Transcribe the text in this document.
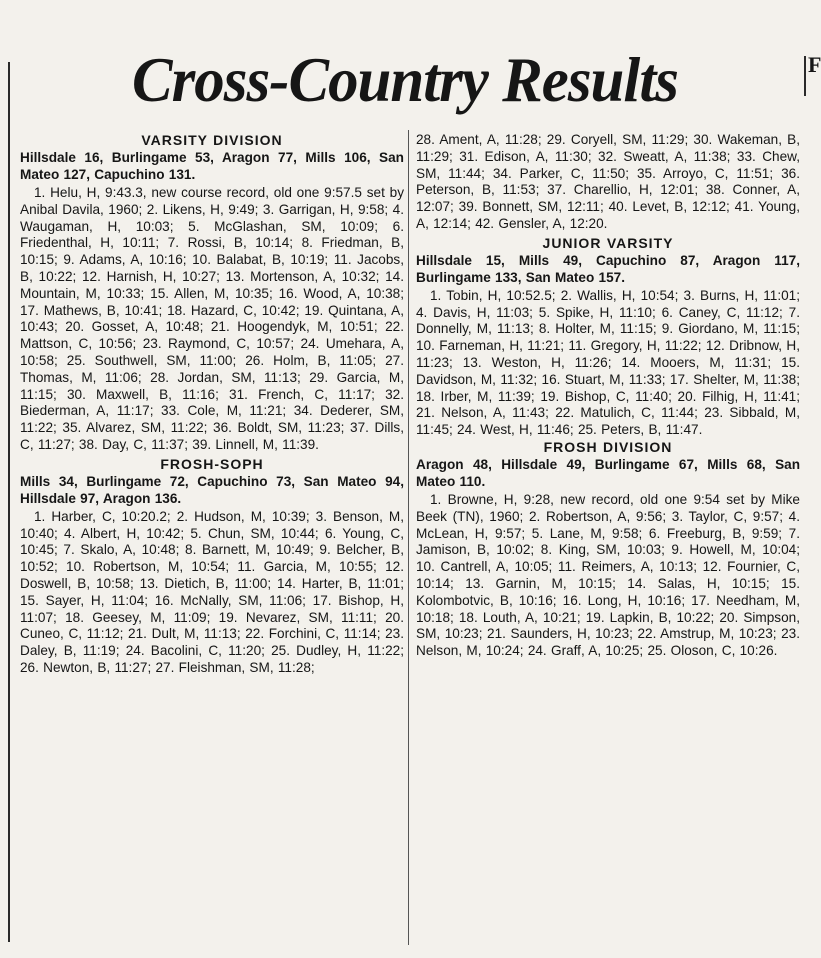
F
Cross-Country Results

VARSITY DIVISION

Hillsdale 16, Burlingame 53, Aragon 77, Mills 106, San Mateo 127, Capuchino 131.

1. Helu, H, 9:43.3, new course record, old one 9:57.5 set by Anibal Davila, 1960; 2. Likens, H, 9:49; 3. Garrigan, H, 9:58; 4. Waugaman, H, 10:03; 5. McGlashan, SM, 10:09; 6. Friedenthal, H, 10:11; 7. Rossi, B, 10:14; 8. Friedman, B, 10:15; 9. Adams, A, 10:16; 10. Balabat, B, 10:19; 11. Jacobs, B, 10:22; 12. Harnish, H, 10:27; 13. Mortenson, A, 10:32; 14. Mountain, M, 10:33; 15. Allen, M, 10:35; 16. Wood, A, 10:38; 17. Mathews, B, 10:41; 18. Hazard, C, 10:42; 19. Quintana, A, 10:43; 20. Gosset, A, 10:48; 21. Hoogendyk, M, 10:51; 22. Mattson, C, 10:56; 23. Raymond, C, 10:57; 24. Umehara, A, 10:58; 25. Southwell, SM, 11:00; 26. Holm, B, 11:05; 27. Thomas, M, 11:06; 28. Jordan, SM, 11:13; 29. Garcia, M, 11:15; 30. Maxwell, B, 11:16; 31. French, C, 11:17; 32. Biederman, A, 11:17; 33. Cole, M, 11:21; 34. Dederer, SM, 11:22; 35. Alvarez, SM, 11:22; 36. Boldt, SM, 11:23; 37. Dills, C, 11:27; 38. Day, C, 11:37; 39. Linnell, M, 11:39.

FROSH-SOPH

Mills 34, Burlingame 72, Capuchino 73, San Mateo 94, Hillsdale 97, Aragon 136.

1. Harber, C, 10:20.2; 2. Hudson, M, 10:39; 3. Benson, M, 10:40; 4. Albert, H, 10:42; 5. Chun, SM, 10:44; 6. Young, C, 10:45; 7. Skalo, A, 10:48; 8. Barnett, M, 10:49; 9. Belcher, B, 10:52; 10. Robertson, M, 10:54; 11. Garcia, M, 10:55; 12. Doswell, B, 10:58; 13. Dietich, B, 11:00; 14. Harter, B, 11:01; 15. Sayer, H, 11:04; 16. McNally, SM, 11:06; 17. Bishop, H, 11:07; 18. Geesey, M, 11:09; 19. Nevarez, SM, 11:11; 20. Cuneo, C, 11:12; 21. Dult, M, 11:13; 22. Forchini, C, 11:14; 23. Daley, B, 11:19; 24. Bacolini, C, 11:20; 25. Dudley, H, 11:22; 26. Newton, B, 11:27; 27. Fleishman, SM, 11:28;

28. Ament, A, 11:28; 29. Coryell, SM, 11:29; 30. Wakeman, B, 11:29; 31. Edison, A, 11:30; 32. Sweatt, A, 11:38; 33. Chew, SM, 11:44; 34. Parker, C, 11:50; 35. Arroyo, C, 11:51; 36. Peterson, B, 11:53; 37. Charellio, H, 12:01; 38. Conner, A, 12:07; 39. Bonnett, SM, 12:11; 40. Levet, B, 12:12; 41. Young, A, 12:14; 42. Gensler, A, 12:20.

JUNIOR VARSITY

Hillsdale 15, Mills 49, Capuchino 87, Aragon 117, Burlingame 133, San Mateo 157.

1. Tobin, H, 10:52.5; 2. Wallis, H, 10:54; 3. Burns, H, 11:01; 4. Davis, H, 11:03; 5. Spike, H, 11:10; 6. Caney, C, 11:12; 7. Donnelly, M, 11:13; 8. Holter, M, 11:15; 9. Giordano, M, 11:15; 10. Farneman, H, 11:21; 11. Gregory, H, 11:22; 12. Dribnow, H, 11:23; 13. Weston, H, 11:26; 14. Mooers, M, 11:31; 15. Davidson, M, 11:32; 16. Stuart, M, 11:33; 17. Shelter, M, 11:38; 18. Irber, M, 11:39; 19. Bishop, C, 11:40; 20. Filhig, H, 11:41; 21. Nelson, A, 11:43; 22. Matulich, C, 11:44; 23. Sibbald, M, 11:45; 24. West, H, 11:46; 25. Peters, B, 11:47.

FROSH DIVISION

Aragon 48, Hillsdale 49, Burlingame 67, Mills 68, San Mateo 110.

1. Browne, H, 9:28, new record, old one 9:54 set by Mike Beek (TN), 1960; 2. Robertson, A, 9:56; 3. Taylor, C, 9:57; 4. McLean, H, 9:57; 5. Lane, M, 9:58; 6. Freeburg, B, 9:59; 7. Jamison, B, 10:02; 8. King, SM, 10:03; 9. Howell, M, 10:04; 10. Cantrell, A, 10:05; 11. Reimers, A, 10:13; 12. Fournier, C, 10:14; 13. Garnin, M, 10:15; 14. Salas, H, 10:15; 15. Kolombotvic, B, 10:16; 16. Long, H, 10:16; 17. Needham, M, 10:18; 18. Louth, A, 10:21; 19. Lapkin, B, 10:22; 20. Simpson, SM, 10:23; 21. Saunders, H, 10:23; 22. Amstrup, M, 10:23; 23. Nelson, M, 10:24; 24. Graff, A, 10:25; 25. Oloson, C, 10:26.
